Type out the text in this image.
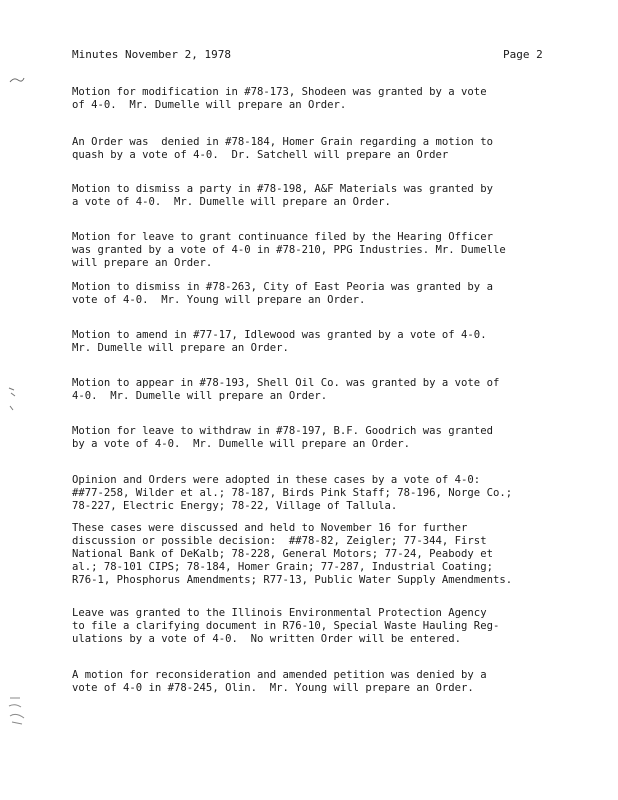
Minutes November 2, 1978	Page 2
Motion for modification in #78-173, Shodeen was granted by a vote
of 4-0.  Mr. Dumelle will prepare an Order.
An Order was  denied in #78-184, Homer Grain regarding a motion to
quash by a vote of 4-0.  Dr. Satchell will prepare an Order
Motion to dismiss a party in #78-198, A&F Materials was granted by
a vote of 4-0.  Mr. Dumelle will prepare an Order.
Motion for leave to grant continuance filed by the Hearing Officer
was granted by a vote of 4-0 in #78-210, PPG Industries. Mr. Dumelle
will prepare an Order.
Motion to dismiss in #78-263, City of East Peoria was granted by a
vote of 4-0.  Mr. Young will prepare an Order.
Motion to amend in #77-17, Idlewood was granted by a vote of 4-0.
Mr. Dumelle will prepare an Order.
Motion to appear in #78-193, Shell Oil Co. was granted by a vote of
4-0.  Mr. Dumelle will prepare an Order.
Motion for leave to withdraw in #78-197, B.F. Goodrich was granted
by a vote of 4-0.  Mr. Dumelle will prepare an Order.
Opinion and Orders were adopted in these cases by a vote of 4-0:
##77-258, Wilder et al.; 78-187, Birds Pink Staff; 78-196, Norge Co.;
78-227, Electric Energy; 78-22, Village of Tallula.
These cases were discussed and held to November 16 for further
discussion or possible decision:  ##78-82, Zeigler; 77-344, First
National Bank of DeKalb; 78-228, General Motors; 77-24, Peabody et
al.; 78-101 CIPS; 78-184, Homer Grain; 77-287, Industrial Coating;
R76-1, Phosphorus Amendments; R77-13, Public Water Supply Amendments.
Leave was granted to the Illinois Environmental Protection Agency
to file a clarifying document in R76-10, Special Waste Hauling Reg-
ulations by a vote of 4-0.  No written Order will be entered.
A motion for reconsideration and amended petition was denied by a
vote of 4-0 in #78-245, Olin.  Mr. Young will prepare an Order.
